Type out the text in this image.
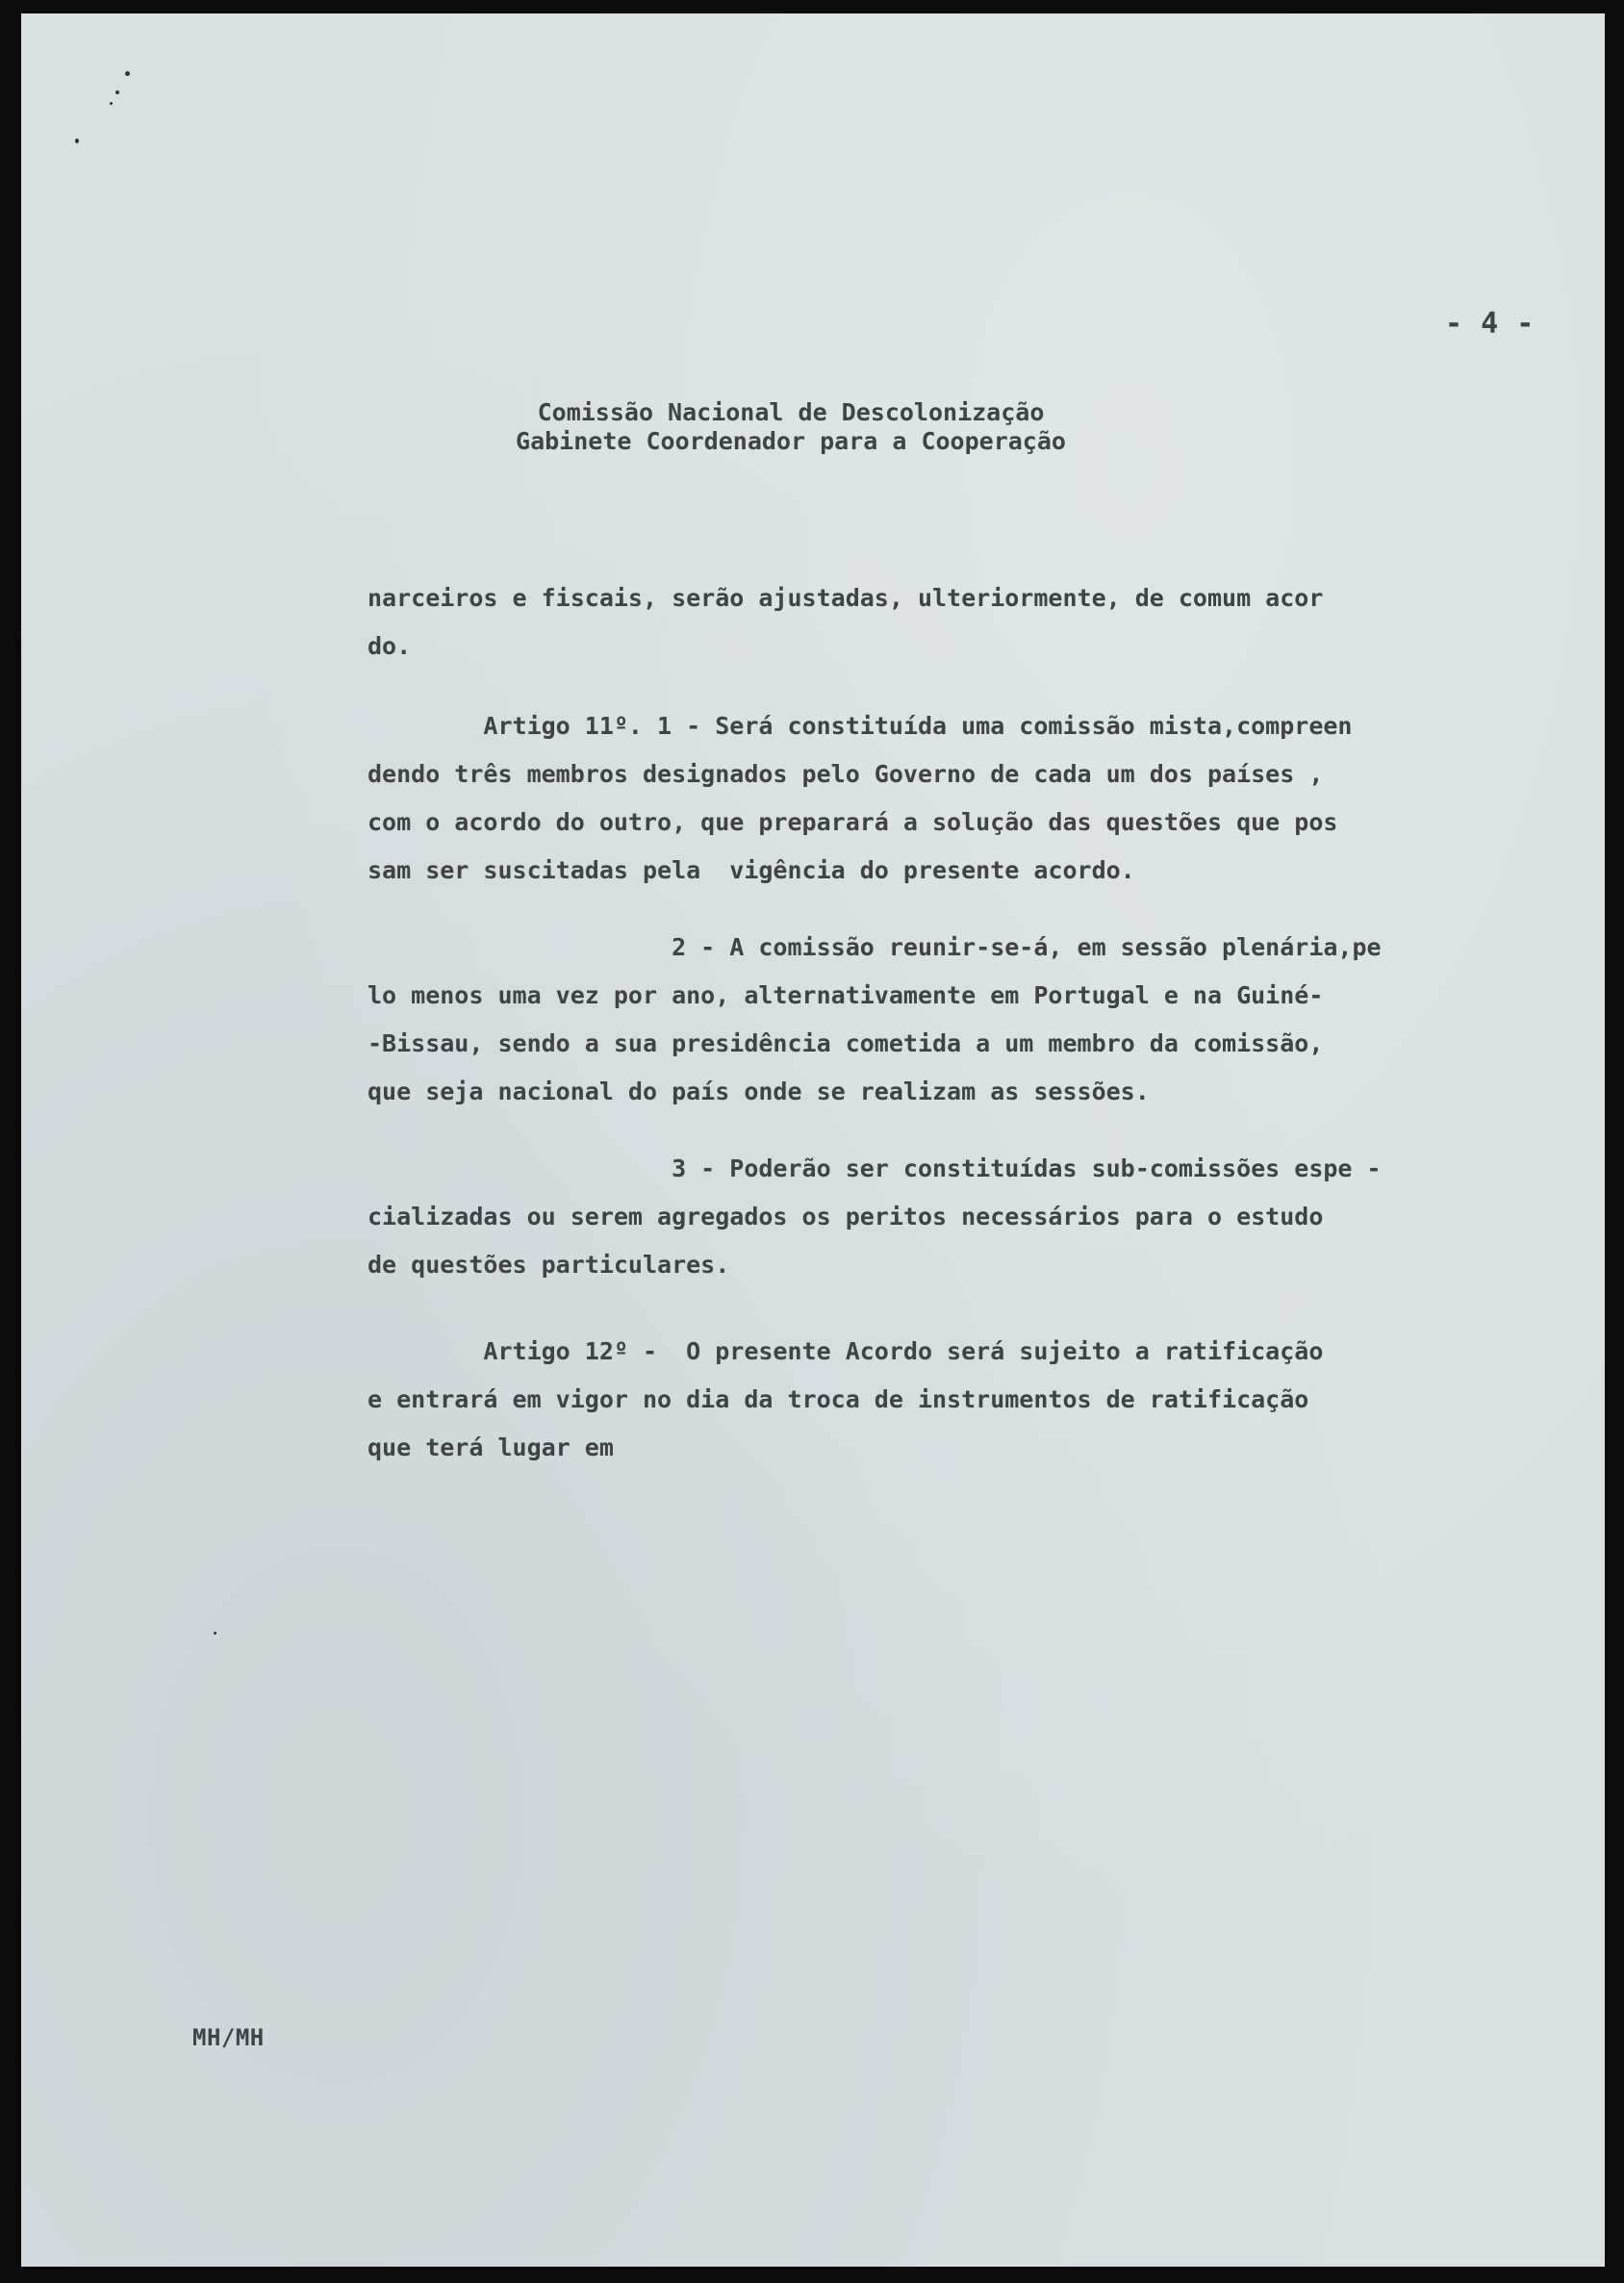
- 4 -
Comissão Nacional de Descolonização
Gabinete Coordenador para a Cooperação
narceiros e fiscais, serão ajustadas, ulteriormente, de comum acor
do.
Artigo 11º. 1 - Será constituída uma comissão mista,compreen
dendo três membros designados pelo Governo de cada um dos países ,
com o acordo do outro, que preparará a solução das questões que pos
sam ser suscitadas pela  vigência do presente acordo.
2 - A comissão reunir-se-á, em sessão plenária,pe
lo menos uma vez por ano, alternativamente em Portugal e na Guiné-
-Bissau, sendo a sua presidência cometida a um membro da comissão,
que seja nacional do país onde se realizam as sessões.
3 - Poderão ser constituídas sub-comissões espe -
cializadas ou serem agregados os peritos necessários para o estudo
de questões particulares.
Artigo 12º -  O presente Acordo será sujeito a ratificação
e entrará em vigor no dia da troca de instrumentos de ratificação
que terá lugar em
MH/MH
